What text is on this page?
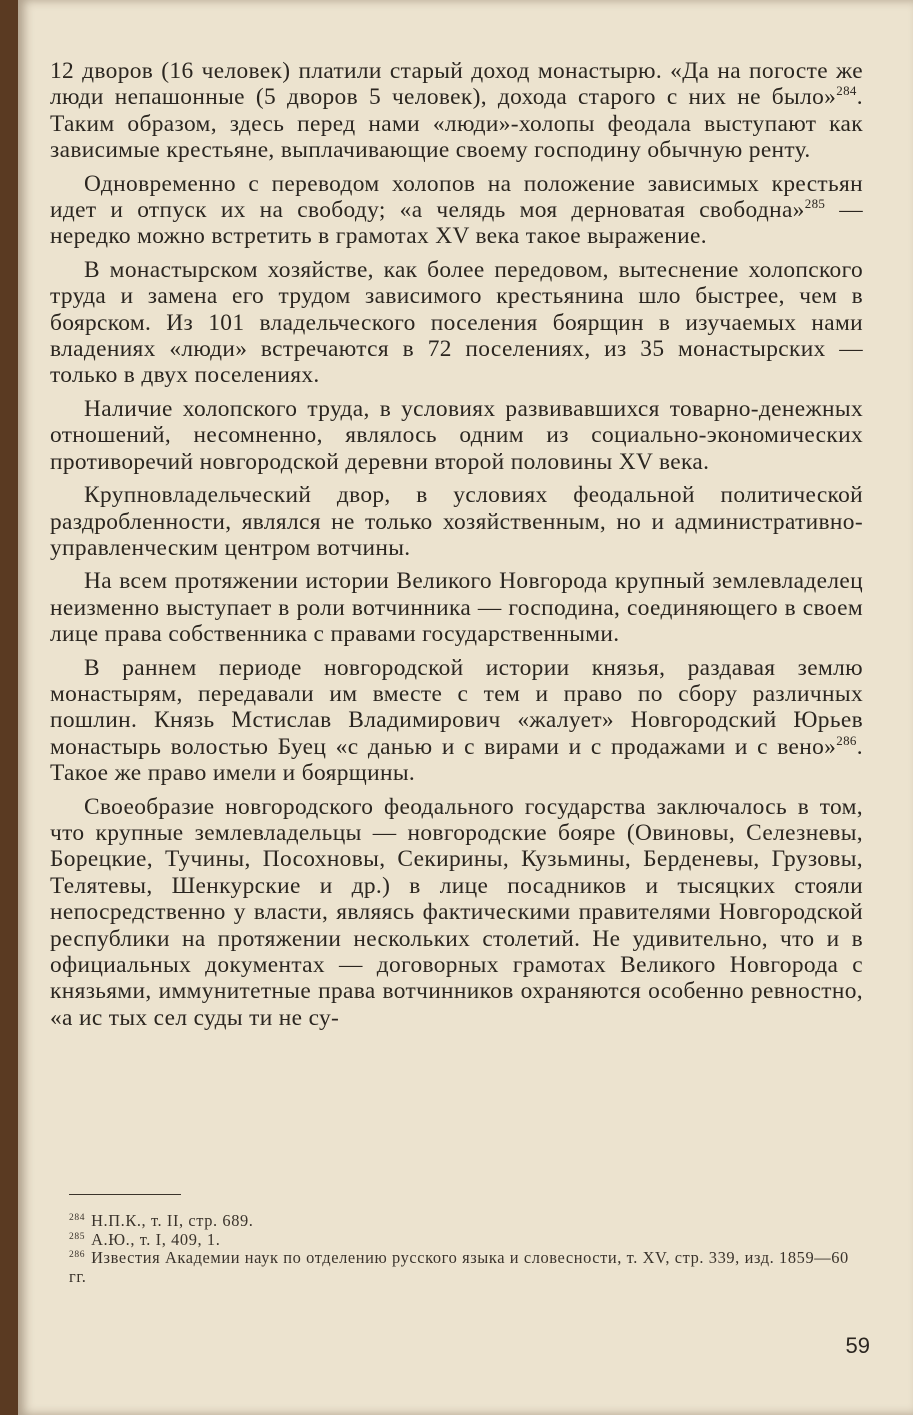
12 дворов (16 человек) платили старый доход монастырю. «Да на погосте же люди непашонные (5 дворов 5 человек), дохода старого с них не было»$^{284}$. Таким образом, здесь перед нами «люди»-холопы феодала выступают как зависимые крестьяне, выплачивающие своему господину обычную ренту.

Одновременно с переводом холопов на положение зависимых крестьян идет и отпуск их на свободу; «а челядь моя дерноватая свободна»$^{285}$ — нередко можно встретить в грамотах XV века такое выражение.

В монастырском хозяйстве, как более передовом, вытеснение холопского труда и замена его трудом зависимого крестьянина шло быстрее, чем в боярском. Из 101 владельческого поселения боярщин в изучаемых нами владениях «люди» встречаются в 72 поселениях, из 35 монастырских — только в двух поселениях.

Наличие холопского труда, в условиях развивавшихся товарно-денежных отношений, несомненно, являлось одним из социально-экономических противоречий новгородской деревни второй половины XV века.

Крупновладельческий двор, в условиях феодальной политической раздробленности, являлся не только хозяйственным, но и административно-управленческим центром вотчины.

На всем протяжении истории Великого Новгорода крупный землевладелец неизменно выступает в роли вотчинника — господина, соединяющего в своем лице права собственника с правами государственными.

В раннем периоде новгородской истории князья, раздавая землю монастырям, передавали им вместе с тем и право по сбору различных пошлин. Князь Мстислав Владимирович «жалует» Новгородский Юрьев монастырь волостью Буец «с данью и с вирами и с продажами и с вено»$^{286}$. Такое же право имели и боярщины.

Своеобразие новгородского феодального государства заключалось в том, что крупные землевладельцы — новгородские бояре (Овиновы, Селезневы, Борецкие, Тучины, Посохновы, Секирины, Кузьмины, Берденевы, Грузовы, Телятевы, Шенкурские и др.) в лице посадников и тысяцких стояли непосредственно у власти, являясь фактическими правителями Новгородской республики на протяжении нескольких столетий. Не удивительно, что и в официальных документах — договорных грамотах Великого Новгорода с князьями, иммунитетные права вотчинников охраняются особенно ревностно, «а ис тых сел суды ти не су-

$^{284}$ Н.П.К., т. II, стр. 689.

$^{285}$ А.Ю., т. I, 409, 1.

$^{286}$ Известия Академии наук по отделению русского языка и словесности, т. XV, стр. 339, изд. 1859—60 гг.

59
